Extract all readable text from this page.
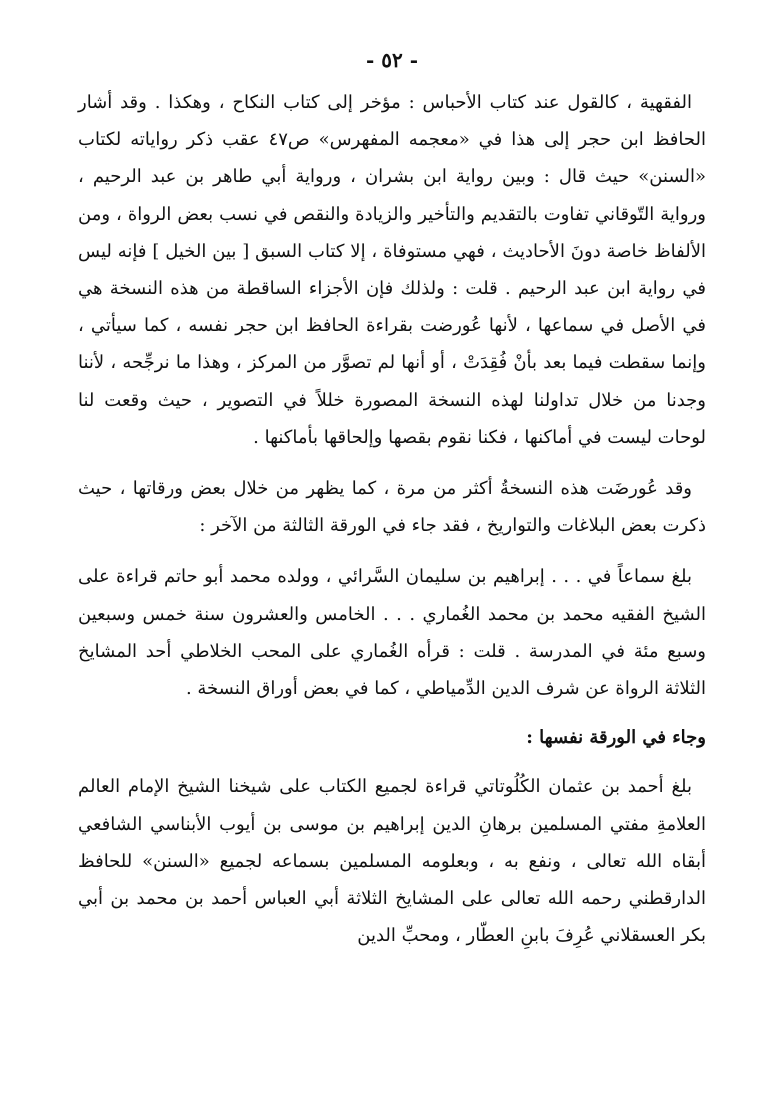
- ٥٢ -

الفقهية ، كالقول عند كتاب الأحباس : مؤخر إلى كتاب النكاح ، وهكذا . وقد أشار الحافظ ابن حجر إلى هذا في «معجمه المفهرس» ص٤٧ عقب ذكر رواياته لكتاب «السنن» حيث قال : وبين رواية ابن بشران ، ورواية أبي طاهر بن عبد الرحيم ، ورواية التّوقاني تفاوت بالتقديم والتأخير والزيادة والنقص في نسب بعض الرواة ، ومن الألفاظ خاصة دونَ الأحاديث ، فهي مستوفاة ، إلا كتاب السبق [ بين الخيل ] فإنه ليس في رواية ابن عبد الرحيم . قلت : ولذلك فإن الأجزاء الساقطة من هذه النسخة هي في الأصل في سماعها ، لأنها عُورضت بقراءة الحافظ ابن حجر نفسه ، كما سيأتي ، وإنما سقطت فيما بعد بأنْ فُقِدَتْ ، أو أنها لم تصوَّر من المركز ، وهذا ما نرجِّحه ، لأننا وجدنا من خلال تداولنا لهذه النسخة المصورة خللاً في التصوير ، حيث وقعت لنا لوحات ليست في أماكنها ، فكنا نقوم بقصها وإلحاقها بأماكنها .

وقد عُورضَت هذه النسخةُ أكثر من مرة ، كما يظهر من خلال بعض ورقاتها ، حيث ذكرت بعض البلاغات والتواريخ ، فقد جاء في الورقة الثالثة من الآخر :

بلغ سماعاً في . . . إبراهيم بن سليمان السَّرائي ، وولده محمد أبو حاتم قراءة على الشيخ الفقيه محمد بن محمد الغُماري . . . الخامس والعشرون سنة خمس وسبعين وسبع مئة في المدرسة . قلت : قرأه الغُماري على المحب الخلاطي أحد المشايخ الثلاثة الرواة عن شرف الدين الدِّمياطي ، كما في بعض أوراق النسخة .

وجاء في الورقة نفسها :

بلغ أحمد بن عثمان الكُلُوتاتي قراءة لجميع الكتاب على شيخنا الشيخ الإمام العالم العلامةِ مفتي المسلمين برهانِ الدين إبراهيم بن موسى بن أيوب الأبناسي الشافعي أبقاه الله تعالى ، ونفع به ، وبعلومه المسلمين بسماعه لجميع «السنن» للحافظ الدارقطني رحمه الله تعالى على المشايخ الثلاثة أبي العباس أحمد بن محمد بن أبي بكر العسقلاني عُرِفَ بابنِ العطّار ، ومحبِّ الدين
